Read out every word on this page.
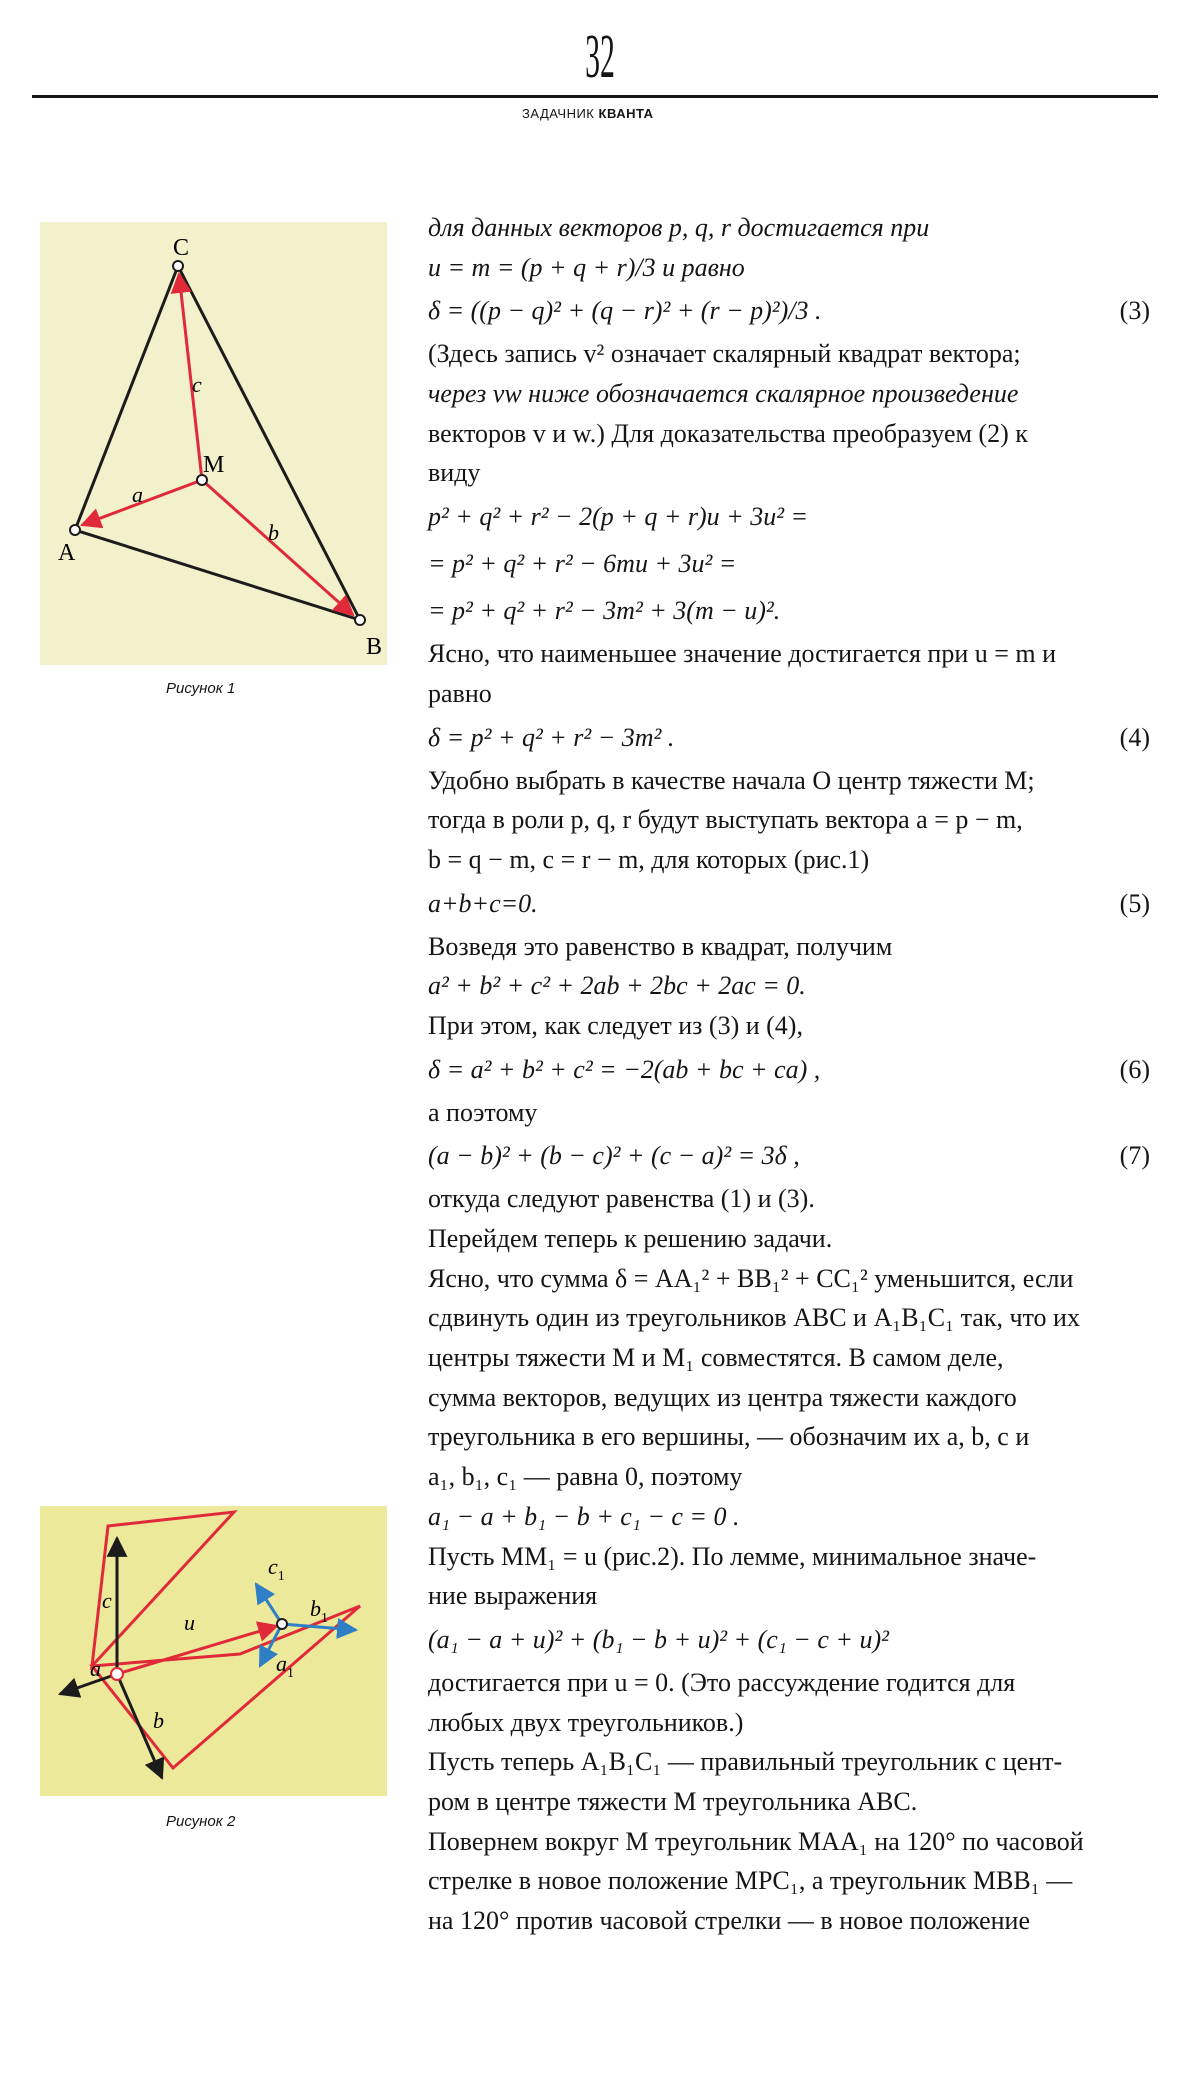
32
ЗАДАЧНИК КВАНТА
C
A
B
M
c
a
b
Рисунок 1
c
a
b
u
$c_1$
$b_1$
$a_1$
Рисунок 2
для данных векторов p, q, r достигается при
u = m = (p + q + r)/3 и равно
δ = ((p − q)² + (q − r)² + (r − p)²)/3 .	(3)
(Здесь запись v² означает скалярный квадрат вектора;
через vw ниже обозначается скалярное произведение
векторов v и w.) Для доказательства преобразуем (2) к
виду
p² + q² + r² − 2(p + q + r)u + 3u² =
= p² + q² + r² − 6mu + 3u² =
= p² + q² + r² − 3m² + 3(m − u)².
Ясно, что наименьшее значение достигается при u = m и
равно
δ = p² + q² + r² − 3m² .	(4)
Удобно выбрать в качестве начала O центр тяжести M;
тогда в роли p, q, r будут выступать вектора a = p − m,
b = q − m, c = r − m, для которых (рис.1)
a+b+c=0.	(5)
Возведя это равенство в квадрат, получим
a² + b² + c² + 2ab + 2bc + 2ac = 0.
При этом, как следует из (3) и (4),
δ = a² + b² + c² = −2(ab + bc + ca) ,	(6)
а поэтому
(a − b)² + (b − c)² + (c − a)² = 3δ ,	(7)
откуда следуют равенства (1) и (3).
Перейдем теперь к решению задачи.
Ясно, что сумма δ = AA₁² + BB₁² + CC₁² уменьшится, если
сдвинуть один из треугольников ABC и A₁B₁C₁ так, что их
центры тяжести M и M₁ совместятся. В самом деле,
сумма векторов, ведущих из центра тяжести каждого
треугольника в его вершины, — обозначим их a, b, c и
a₁, b₁, c₁ — равна 0, поэтому
a₁ − a + b₁ − b + c₁ − c = 0 .
Пусть MM₁ = u (рис.2). По лемме, минимальное значе-
ние выражения
(a₁ − a + u)² + (b₁ − b + u)² + (c₁ − c + u)²
достигается при u = 0. (Это рассуждение годится для
любых двух треугольников.)
Пусть теперь A₁B₁C₁ — правильный треугольник с цент-
ром в центре тяжести M треугольника ABC.
Повернем вокруг M треугольник MAA₁ на 120° по часовой
стрелке в новое положение MPC₁, а треугольник MBB₁ —
на 120° против часовой стрелки — в новое положение
